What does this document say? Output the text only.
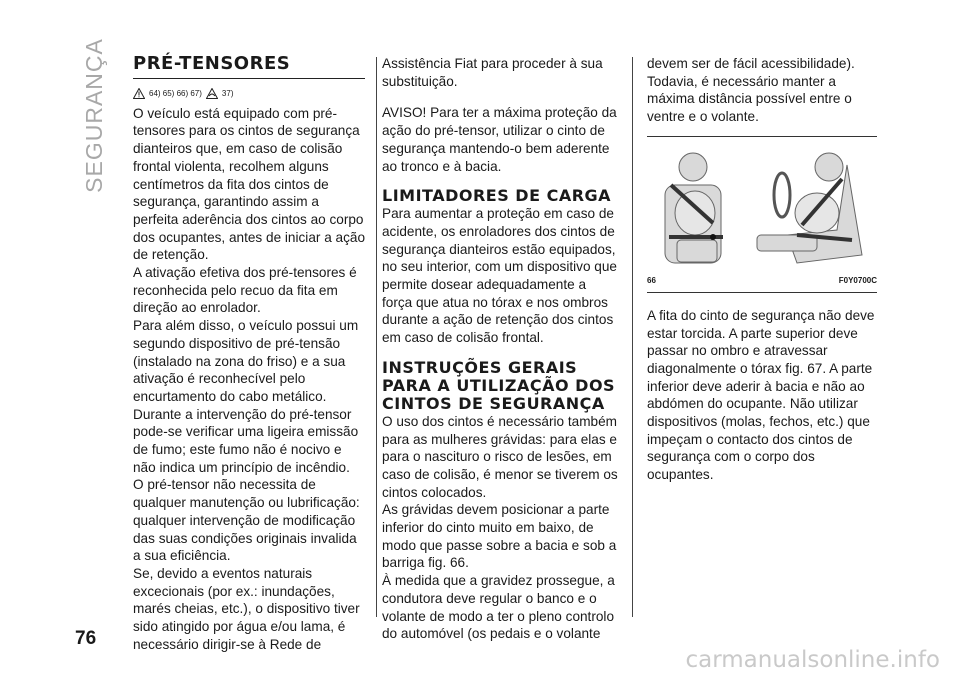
SEGURANÇA PRÉ-TENSORES
64) 65) 66) 67)	37)

O veículo está equipado com pré-tensores para os cintos de segurança dianteiros que, em caso de colisão frontal violenta, recolhem alguns centímetros da fita dos cintos de segurança, garantindo assim a perfeita aderência dos cintos ao corpo dos ocupantes, antes de iniciar a ação de retenção.

A ativação efetiva dos pré-tensores é reconhecida pelo recuo da fita em direção ao enrolador.

Para além disso, o veículo possui um segundo dispositivo de pré-tensão (instalado na zona do friso) e a sua ativação é reconhecível pelo encurtamento do cabo metálico.

Durante a intervenção do pré-tensor pode-se verificar uma ligeira emissão de fumo; este fumo não é nocivo e não indica um princípio de incêndio.

O pré-tensor não necessita de qualquer manutenção ou lubrificação: qualquer intervenção de modificação das suas condições originais invalida a sua eficiência.

Se, devido a eventos naturais excecionais (por ex.: inundações, marés cheias, etc.), o dispositivo tiver sido atingido por água e/ou lama, é necessário dirigir-se à Rede de

Assistência Fiat para proceder à sua substituição.

AVISO! Para ter a máxima proteção da ação do pré-tensor, utilizar o cinto de segurança mantendo-o bem aderente ao tronco e à bacia.

LIMITADORES DE CARGA

Para aumentar a proteção em caso de acidente, os enroladores dos cintos de segurança dianteiros estão equipados, no seu interior, com um dispositivo que permite dosear adequadamente a força que atua no tórax e nos ombros durante a ação de retenção dos cintos em caso de colisão frontal.

INSTRUÇÕES GERAIS PARA A UTILIZAÇÃO DOS CINTOS DE SEGURANÇA

O uso dos cintos é necessário também para as mulheres grávidas: para elas e para o nascituro o risco de lesões, em caso de colisão, é menor se tiverem os cintos colocados.

As grávidas devem posicionar a parte inferior do cinto muito em baixo, de modo que passe sobre a bacia e sob a barriga fig. 66.

À medida que a gravidez prossegue, a condutora deve regular o banco e o volante de modo a ter o pleno controlo do automóvel (os pedais e o volante

devem ser de fácil acessibilidade). Todavia, é necessário manter a máxima distância possível entre o ventre e o volante.

66	F0Y0700C

A fita do cinto de segurança não deve estar torcida. A parte superior deve passar no ombro e atravessar diagonalmente o tórax fig. 67. A parte inferior deve aderir à bacia e não ao abdómen do ocupante. Não utilizar dispositivos (molas, fechos, etc.) que impeçam o contacto dos cintos de segurança com o corpo dos ocupantes.

76
carmanualsonline.info
